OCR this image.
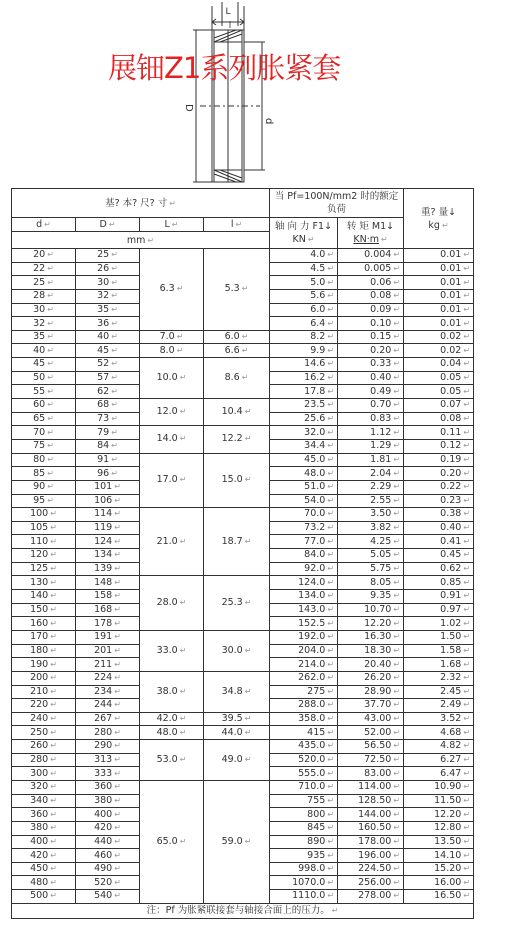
L
l
D
d
展钿Z1系列胀紧套
基? 本? 尺? 寸 ↵				当 Pf=100N/mm2 时的额定负荷		重? 量↓
kg ↵
d ↵	D ↵	L ↵	l ↵	轴 向 力 F1↓
KN ↵	转 矩 M1↓
KN·m ↵	
mm ↵						
20 ↵	25 ↵	6.3 ↵	5.3 ↵	4.0 ↵	0.004 ↵	0.01 ↵
22 ↵	26 ↵			4.5 ↵	0.005 ↵	0.01 ↵
25 ↵	30 ↵			5.0 ↵	0.06 ↵	0.01 ↵
28 ↵	32 ↵			5.6 ↵	0.08 ↵	0.01 ↵
30 ↵	35 ↵			6.0 ↵	0.09 ↵	0.01 ↵
32 ↵	36 ↵			6.4 ↵	0.10 ↵	0.01 ↵
35 ↵	40 ↵	7.0 ↵	6.0 ↵	8.2 ↵	0.15 ↵	0.02 ↵
40 ↵	45 ↵	8.0 ↵	6.6 ↵	9.9 ↵	0.20 ↵	0.02 ↵
45 ↵	52 ↵	10.0 ↵	8.6 ↵	14.6 ↵	0.33 ↵	0.04 ↵
50 ↵	57 ↵			16.2 ↵	0.40 ↵	0.05 ↵
55 ↵	62 ↵			17.8 ↵	0.49 ↵	0.05 ↵
60 ↵	68 ↵	12.0 ↵	10.4 ↵	23.5 ↵	0.70 ↵	0.07 ↵
65 ↵	73 ↵			25.6 ↵	0.83 ↵	0.08 ↵
70 ↵	79 ↵	14.0 ↵	12.2 ↵	32.0 ↵	1.12 ↵	0.11 ↵
75 ↵	84 ↵			34.4 ↵	1.29 ↵	0.12 ↵
80 ↵	91 ↵	17.0 ↵	15.0 ↵	45.0 ↵	1.81 ↵	0.19 ↵
85 ↵	96 ↵			48.0 ↵	2.04 ↵	0.20 ↵
90 ↵	101 ↵			51.0 ↵	2.29 ↵	0.22 ↵
95 ↵	106 ↵			54.0 ↵	2.55 ↵	0.23 ↵
100 ↵	114 ↵	21.0 ↵	18.7 ↵	70.0 ↵	3.50 ↵	0.38 ↵
105 ↵	119 ↵			73.2 ↵	3.82 ↵	0.40 ↵
110 ↵	124 ↵			77.0 ↵	4.25 ↵	0.41 ↵
120 ↵	134 ↵			84.0 ↵	5.05 ↵	0.45 ↵
125 ↵	139 ↵			92.0 ↵	5.75 ↵	0.62 ↵
130 ↵	148 ↵	28.0 ↵	25.3 ↵	124.0 ↵	8.05 ↵	0.85 ↵
140 ↵	158 ↵			134.0 ↵	9.35 ↵	0.91 ↵
150 ↵	168 ↵			143.0 ↵	10.70 ↵	0.97 ↵
160 ↵	178 ↵			152.5 ↵	12.20 ↵	1.02 ↵
170 ↵	191 ↵	33.0 ↵	30.0 ↵	192.0 ↵	16.30 ↵	1.50 ↵
180 ↵	201 ↵			204.0 ↵	18.30 ↵	1.58 ↵
190 ↵	211 ↵			214.0 ↵	20.40 ↵	1.68 ↵
200 ↵	224 ↵	38.0 ↵	34.8 ↵	262.0 ↵	26.20 ↵	2.32 ↵
210 ↵	234 ↵			275 ↵	28.90 ↵	2.45 ↵
220 ↵	244 ↵			288.0 ↵	37.70 ↵	2.49 ↵
240 ↵	267 ↵	42.0 ↵	39.5 ↵	358.0 ↵	43.00 ↵	3.52 ↵
250 ↵	280 ↵	48.0 ↵	44.0 ↵	415 ↵	52.00 ↵	4.68 ↵
260 ↵	290 ↵	53.0 ↵	49.0 ↵	435.0 ↵	56.50 ↵	4.82 ↵
280 ↵	313 ↵			520.0 ↵	72.50 ↵	6.27 ↵
300 ↵	333 ↵			555.0 ↵	83.00 ↵	6.47 ↵
320 ↵	360 ↵	65.0 ↵	59.0 ↵	710.0 ↵	114.00 ↵	10.90 ↵
340 ↵	380 ↵			755 ↵	128.50 ↵	11.50 ↵
360 ↵	400 ↵			800 ↵	144.00 ↵	12.20 ↵
380 ↵	420 ↵			845 ↵	160.50 ↵	12.80 ↵
400 ↵	440 ↵			890 ↵	178.00 ↵	13.50 ↵
420 ↵	460 ↵			935 ↵	196.00 ↵	14.10 ↵
450 ↵	490 ↵			998.0 ↵	224.50 ↵	15.20 ↵
480 ↵	520 ↵			1070.0 ↵	256.00 ↵	16.00 ↵
500 ↵	540 ↵			1110.0 ↵	278.00 ↵	16.50 ↵
注：Pf 为胀紧联接套与轴接合面上的压力。 ↵						
